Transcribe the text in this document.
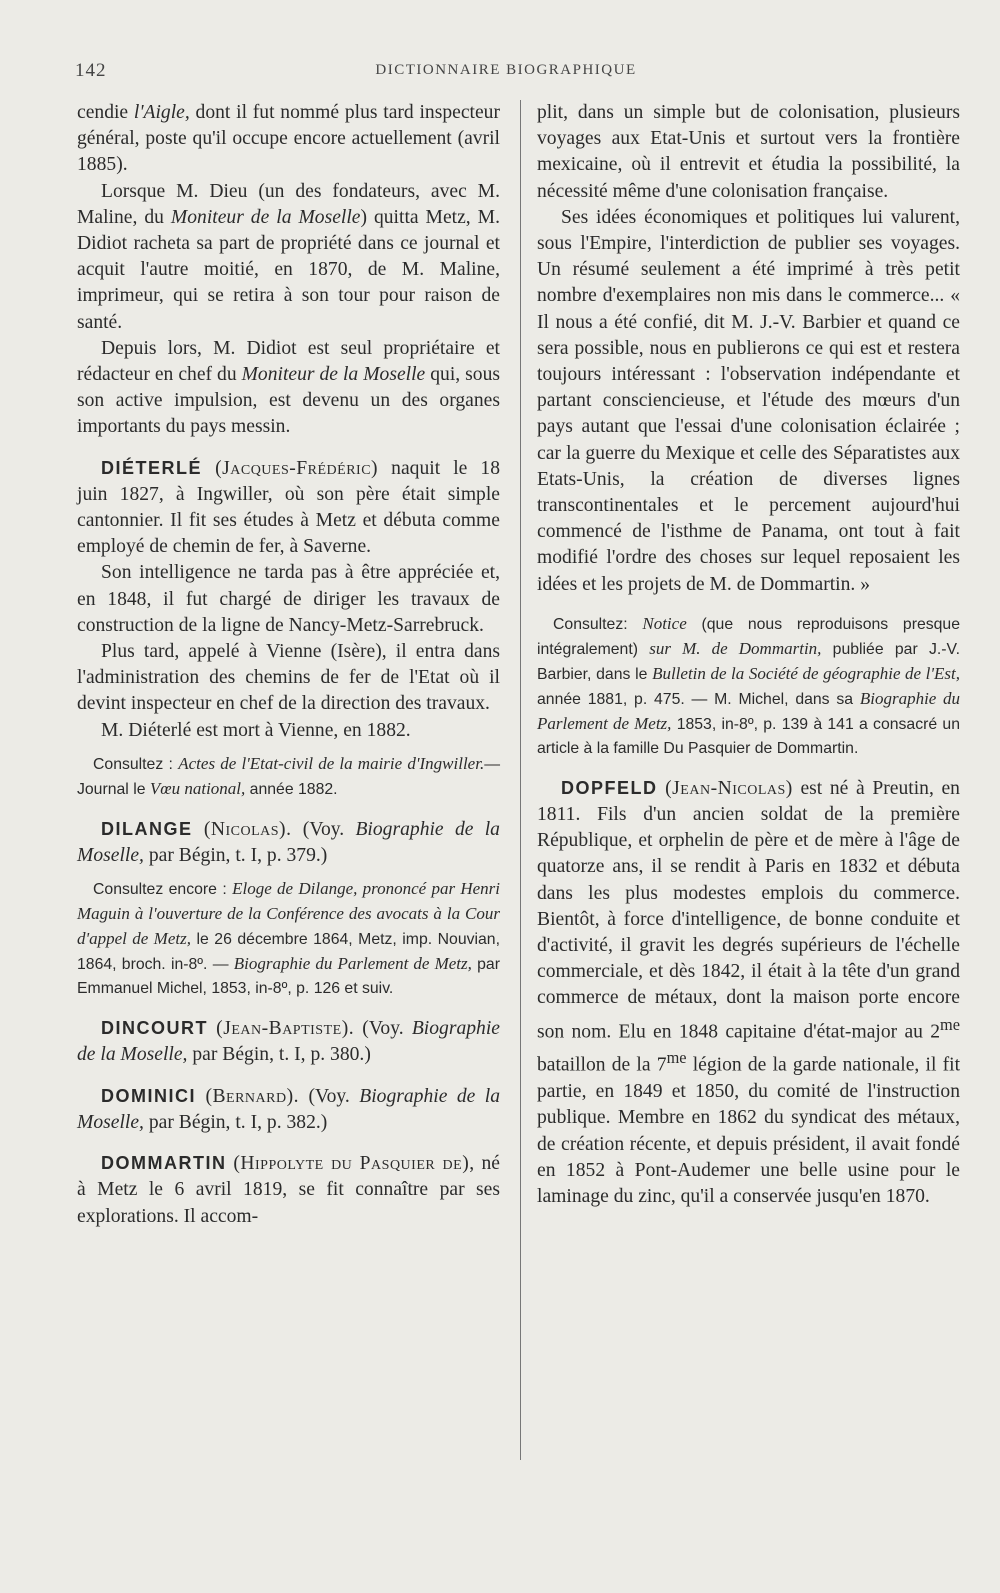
142	DICTIONNAIRE BIOGRAPHIQUE

cendie l'Aigle, dont il fut nommé plus tard inspecteur général, poste qu'il occupe encore actuellement (avril 1885).

Lorsque M. Dieu (un des fondateurs, avec M. Maline, du Moniteur de la Moselle) quitta Metz, M. Didiot racheta sa part de propriété dans ce journal et acquit l'autre moitié, en 1870, de M. Maline, imprimeur, qui se retira à son tour pour raison de santé.

Depuis lors, M. Didiot est seul propriétaire et rédacteur en chef du Moniteur de la Moselle qui, sous son active impulsion, est devenu un des organes importants du pays messin.

DIÉTERLÉ (Jacques-Frédéric) naquit le 18 juin 1827, à Ingwiller, où son père était simple cantonnier. Il fit ses études à Metz et débuta comme employé de chemin de fer, à Saverne.

Son intelligence ne tarda pas à être appréciée et, en 1848, il fut chargé de diriger les travaux de construction de la ligne de Nancy-Metz-Sarrebruck.

Plus tard, appelé à Vienne (Isère), il entra dans l'administration des chemins de fer de l'Etat où il devint inspecteur en chef de la direction des travaux.

M. Diéterlé est mort à Vienne, en 1882.

Consultez : Actes de l'Etat-civil de la mairie d'Ingwiller.— Journal le Vœu national, année 1882.

DILANGE (Nicolas). (Voy. Biographie de la Moselle, par Bégin, t. I, p. 379.)

Consultez encore : Eloge de Dilange, prononcé par Henri Maguin à l'ouverture de la Conférence des avocats à la Cour d'appel de Metz, le 26 décembre 1864, Metz, imp. Nouvian, 1864, broch. in-8º. — Biographie du Parlement de Metz, par Emmanuel Michel, 1853, in-8º, p. 126 et suiv.

DINCOURT (Jean-Baptiste). (Voy. Biographie de la Moselle, par Bégin, t. I, p. 380.)

DOMINICI (Bernard). (Voy. Biographie de la Moselle, par Bégin, t. I, p. 382.)

DOMMARTIN (Hippolyte du Pasquier de), né à Metz le 6 avril 1819, se fit connaître par ses explorations. Il accom-

plit, dans un simple but de colonisation, plusieurs voyages aux Etat-Unis et surtout vers la frontière mexicaine, où il entrevit et étudia la possibilité, la nécessité même d'une colonisation française.

Ses idées économiques et politiques lui valurent, sous l'Empire, l'interdiction de publier ses voyages. Un résumé seulement a été imprimé à très petit nombre d'exemplaires non mis dans le commerce... « Il nous a été confié, dit M. J.-V. Barbier et quand ce sera possible, nous en publierons ce qui est et restera toujours intéressant : l'observation indépendante et partant consciencieuse, et l'étude des mœurs d'un pays autant que l'essai d'une colonisation éclairée ; car la guerre du Mexique et celle des Séparatistes aux Etats-Unis, la création de diverses lignes transcontinentales et le percement aujourd'hui commencé de l'isthme de Panama, ont tout à fait modifié l'ordre des choses sur lequel reposaient les idées et les projets de M. de Dommartin. »

Consultez: Notice (que nous reproduisons presque intégralement) sur M. de Dommartin, publiée par J.-V. Barbier, dans le Bulletin de la Société de géographie de l'Est, année 1881, p. 475. — M. Michel, dans sa Biographie du Parlement de Metz, 1853, in-8º, p. 139 à 141 a consacré un article à la famille Du Pasquier de Dommartin.

DOPFELD (Jean-Nicolas) est né à Preutin, en 1811. Fils d'un ancien soldat de la première République, et orphelin de père et de mère à l'âge de quatorze ans, il se rendit à Paris en 1832 et débuta dans les plus modestes emplois du commerce. Bientôt, à force d'intelligence, de bonne conduite et d'activité, il gravit les degrés supérieurs de l'échelle commerciale, et dès 1842, il était à la tête d'un grand commerce de métaux, dont la maison porte encore son nom. Elu en 1848 capitaine d'état-major au $2^{me}$ bataillon de la $7^{me}$ légion de la garde nationale, il fit partie, en 1849 et 1850, du comité de l'instruction publique. Membre en 1862 du syndicat des métaux, de création récente, et depuis président, il avait fondé en 1852 à Pont-Audemer une belle usine pour le laminage du zinc, qu'il a conservée jusqu'en 1870.
